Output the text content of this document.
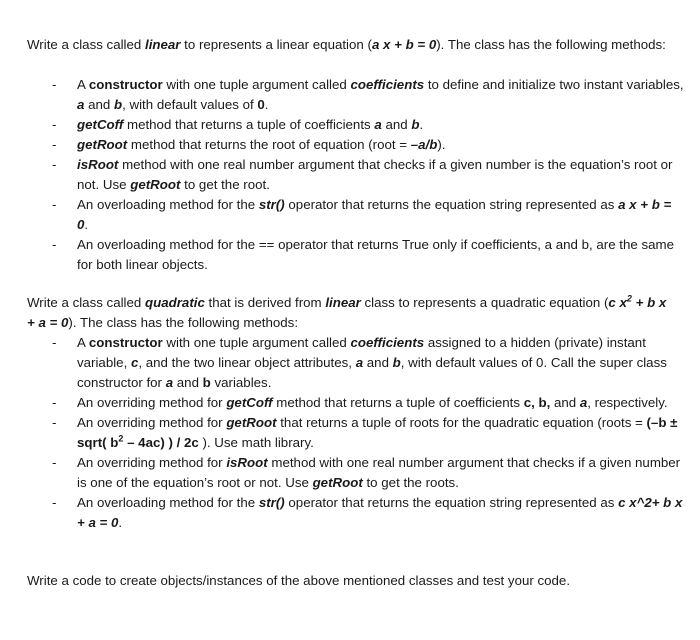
Write a class called linear to represents a linear equation (a x + b = 0). The class has the following methods:

- A constructor with one tuple argument called coefficients to define and initialize two instant variables, a and b, with default values of 0.
- getCoff method that returns a tuple of coefficients a and b.
- getRoot method that returns the root of equation (root = –a/b).
- isRoot method with one real number argument that checks if a given number is the equation’s root or not. Use getRoot to get the root.
- An overloading method for the str() operator that returns the equation string represented as a x + b = 0.
- An overloading method for the == operator that returns True only if coefficients, a and b, are the same for both linear objects.

Write a class called quadratic that is derived from linear class to represents a quadratic equation (c $x^2 + b$ x + a = 0). The class has the following methods:

- A constructor with one tuple argument called coefficients assigned to a hidden (private) instant variable, c, and the two linear object attributes, a and b, with default values of 0. Call the super class constructor for a and b variables.
- An overriding method for getCoff method that returns a tuple of coefficients c, b, and a, respectively.
- An overriding method for getRoot that returns a tuple of roots for the quadratic equation (roots = (–b ± sqrt( $b^2 - 4ac$) ) / 2c ). Use math library.
- An overriding method for isRoot method with one real number argument that checks if a given number is one of the equation’s root or not. Use getRoot to get the roots.
- An overloading method for the str() operator that returns the equation string represented as c x^2+ b x + a = 0.

Write a code to create objects/instances of the above mentioned classes and test your code.
